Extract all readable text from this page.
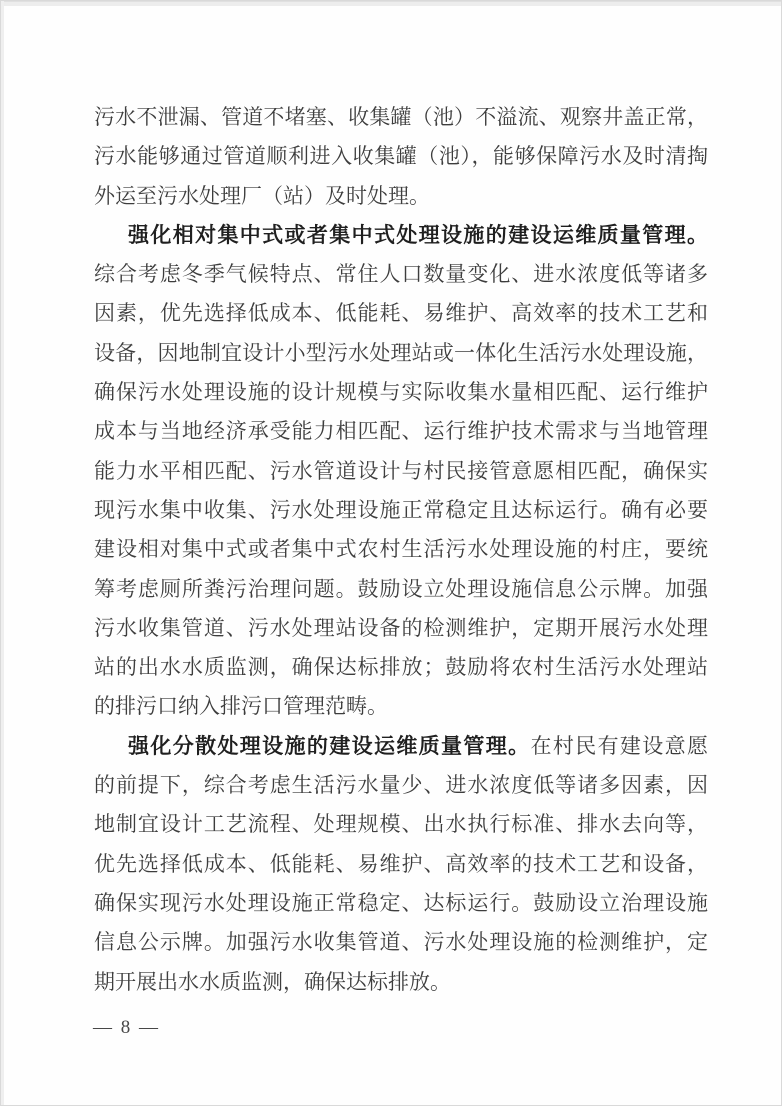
污水不泄漏、管道不堵塞、收集罐（池）不溢流、观察井盖正常，
污水能够通过管道顺利进入收集罐（池），能够保障污水及时清掏
外运至污水处理厂（站）及时处理。
强化相对集中式或者集中式处理设施的建设运维质量管理。
综合考虑冬季气候特点、常住人口数量变化、进水浓度低等诸多
因素，优先选择低成本、低能耗、易维护、高效率的技术工艺和
设备，因地制宜设计小型污水处理站或一体化生活污水处理设施，
确保污水处理设施的设计规模与实际收集水量相匹配、运行维护
成本与当地经济承受能力相匹配、运行维护技术需求与当地管理
能力水平相匹配、污水管道设计与村民接管意愿相匹配，确保实
现污水集中收集、污水处理设施正常稳定且达标运行。确有必要
建设相对集中式或者集中式农村生活污水处理设施的村庄，要统
筹考虑厕所粪污治理问题。鼓励设立处理设施信息公示牌。加强
污水收集管道、污水处理站设备的检测维护，定期开展污水处理
站的出水水质监测，确保达标排放；鼓励将农村生活污水处理站
的排污口纳入排污口管理范畴。
强化分散处理设施的建设运维质量管理。在村民有建设意愿
的前提下，综合考虑生活污水量少、进水浓度低等诸多因素，因
地制宜设计工艺流程、处理规模、出水执行标准、排水去向等，
优先选择低成本、低能耗、易维护、高效率的技术工艺和设备，
确保实现污水处理设施正常稳定、达标运行。鼓励设立治理设施
信息公示牌。加强污水收集管道、污水处理设施的检测维护，定
期开展出水水质监测，确保达标排放。
— 8 —
